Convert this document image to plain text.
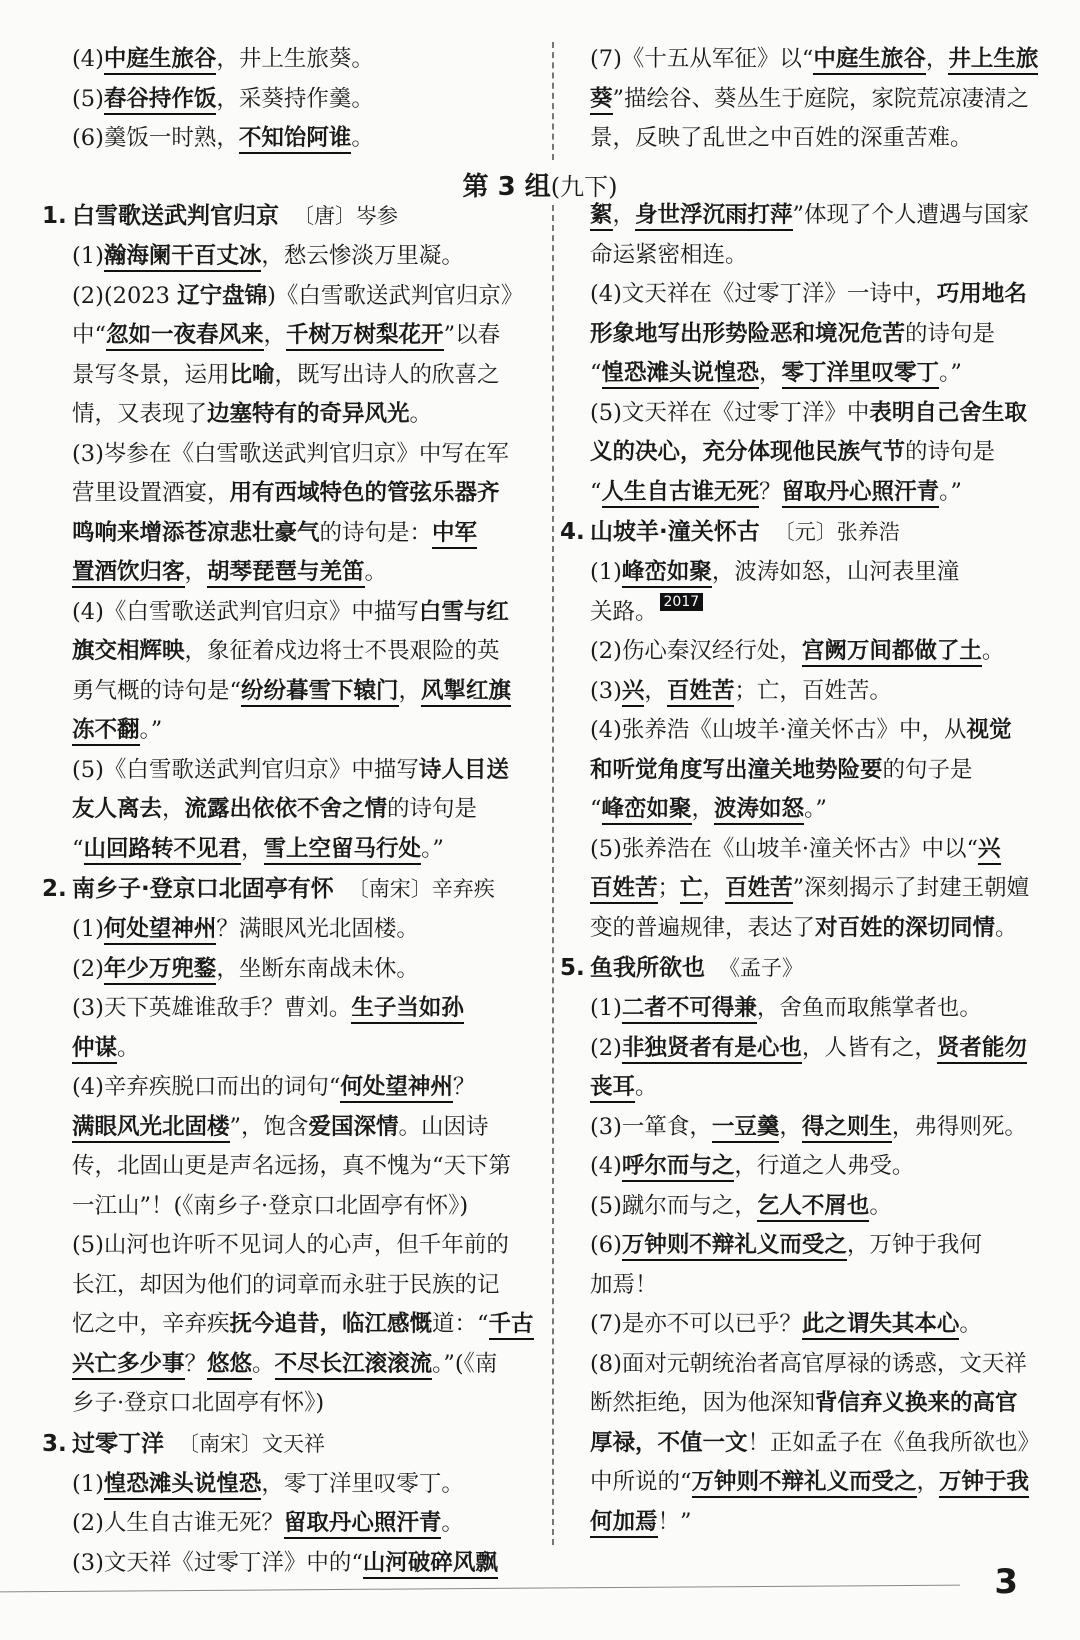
(4)中庭生旅谷，井上生旅葵。

(5)舂谷持作饭，采葵持作羹。

(6)羹饭一时熟，不知饴阿谁。

(7)《十五从军征》以“中庭生旅谷，井上生旅

葵”描绘谷、葵丛生于庭院，家院荒凉凄清之

景，反映了乱世之中百姓的深重苦难。

第 3 组(九下)

1. 白雪歌送武判官归京 〔唐〕岑参

(1)瀚海阑干百丈冰，愁云惨淡万里凝。

(2)(2023 辽宁盘锦)《白雪歌送武判官归京》

中“忽如一夜春风来，千树万树梨花开”以春

景写冬景，运用比喻，既写出诗人的欣喜之

情，又表现了边塞特有的奇异风光。

(3)岑参在《白雪歌送武判官归京》中写在军

营里设置酒宴，用有西域特色的管弦乐器齐

鸣响来增添苍凉悲壮豪气的诗句是：中军

置酒饮归客，胡琴琵琶与羌笛。

(4)《白雪歌送武判官归京》中描写白雪与红

旗交相辉映，象征着戍边将士不畏艰险的英

勇气概的诗句是“纷纷暮雪下辕门，风掣红旗

冻不翻。”

(5)《白雪歌送武判官归京》中描写诗人目送

友人离去，流露出依依不舍之情的诗句是

“山回路转不见君，雪上空留马行处。”

2. 南乡子·登京口北固亭有怀 〔南宋〕辛弃疾

(1)何处望神州？满眼风光北固楼。

(2)年少万兜鍪，坐断东南战未休。

(3)天下英雄谁敌手？曹刘。生子当如孙

仲谋。

(4)辛弃疾脱口而出的词句“何处望神州？

满眼风光北固楼”，饱含爱国深情。山因诗

传，北固山更是声名远扬，真不愧为“天下第

一江山”！(《南乡子·登京口北固亭有怀》)

(5)山河也许听不见词人的心声，但千年前的

长江，却因为他们的词章而永驻于民族的记

忆之中，辛弃疾抚今追昔，临江感慨道：“千古

兴亡多少事？悠悠。不尽长江滚滚流。”(《南

乡子·登京口北固亭有怀》)

3. 过零丁洋 〔南宋〕文天祥

(1)惶恐滩头说惶恐，零丁洋里叹零丁。

(2)人生自古谁无死？留取丹心照汗青。

(3)文天祥《过零丁洋》中的“山河破碎风飘

絮，身世浮沉雨打萍”体现了个人遭遇与国家

命运紧密相连。

(4)文天祥在《过零丁洋》一诗中，巧用地名

形象地写出形势险恶和境况危苦的诗句是

“惶恐滩头说惶恐，零丁洋里叹零丁。”

(5)文天祥在《过零丁洋》中表明自己舍生取

义的决心，充分体现他民族气节的诗句是

“人生自古谁无死？留取丹心照汗青。”

4. 山坡羊·潼关怀古 〔元〕张养浩

(1)峰峦如聚，波涛如怒，山河表里潼

关路。 2017

(2)伤心秦汉经行处，宫阙万间都做了土。

(3)兴，百姓苦；亡，百姓苦。

(4)张养浩《山坡羊·潼关怀古》中，从视觉

和听觉角度写出潼关地势险要的句子是

“峰峦如聚，波涛如怒。”

(5)张养浩在《山坡羊·潼关怀古》中以“兴

百姓苦；亡，百姓苦”深刻揭示了封建王朝嬗

变的普遍规律，表达了对百姓的深切同情。

5. 鱼我所欲也 《孟子》

(1)二者不可得兼，舍鱼而取熊掌者也。

(2)非独贤者有是心也，人皆有之，贤者能勿

丧耳。

(3)一箪食，一豆羹，得之则生，弗得则死。

(4)呼尔而与之，行道之人弗受。

(5)蹴尔而与之，乞人不屑也。

(6)万钟则不辩礼义而受之，万钟于我何

加焉！

(7)是亦不可以已乎？此之谓失其本心。

(8)面对元朝统治者高官厚禄的诱惑，文天祥

断然拒绝，因为他深知背信弃义换来的高官

厚禄，不值一文！正如孟子在《鱼我所欲也》

中所说的“万钟则不辩礼义而受之，万钟于我

何加焉！”

3
